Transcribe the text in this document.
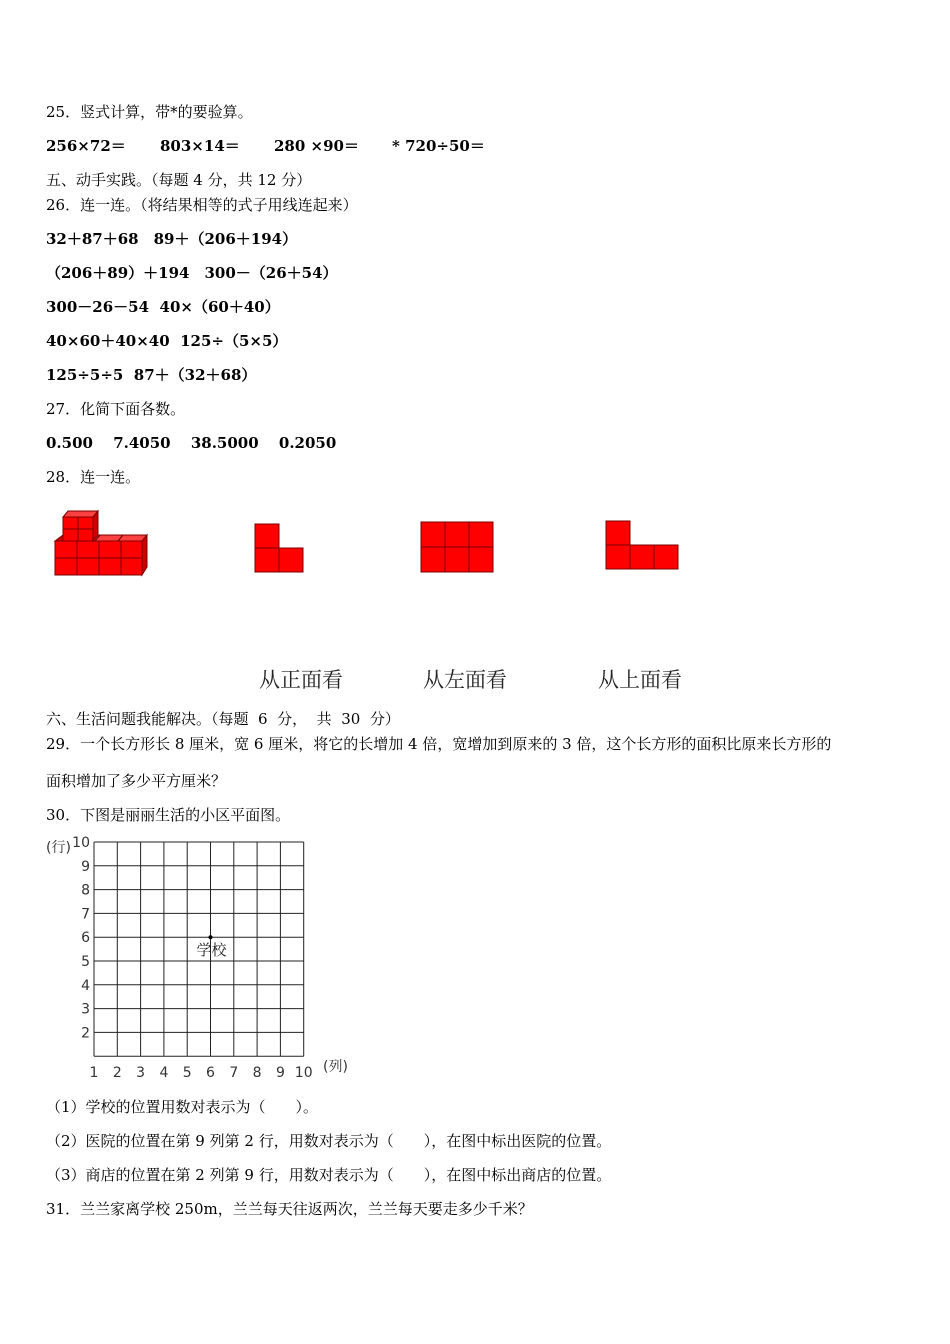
25．竖式计算，带*的要验算。

256×72＝

803×14＝

280 ×90＝

* 720÷50＝

五、动手实践。（每题 4 分，共 12 分）
26．连一连。（将结果相等的式子用线连起来）
32＋87＋68　89＋（206＋194）
（206＋89）＋194　300－（26＋54）
300－26－54  40×（60＋40）
40×60＋40×40  125÷（5×5）
125÷5÷5  87＋（32＋68）
27．化简下面各数。
0.500　 7.4050　 38.5000　 0.2050
28．连一连。
从正面看	从左面看	从上面看
六、生活问题我能解决。（每题  6  分，  共  30  分）
29．一个长方形长 8 厘米，宽 6 厘米，将它的长增加 4 倍，宽增加到原来的 3 倍，这个长方形的面积比原来长方形的
面积增加了多少平方厘米？
30．下图是丽丽生活的小区平面图。
10
9
8
7
6
5
4
3
2
1 2 3 4 5 6 7 8 9 10
(行)
(列)
学校
（1）学校的位置用数对表示为（　　）。
（2）医院的位置在第 9 列第 2 行，用数对表示为（　　），在图中标出医院的位置。
（3）商店的位置在第 2 列第 9 行，用数对表示为（　　），在图中标出商店的位置。
31．兰兰家离学校 250m，兰兰每天往返两次，兰兰每天要走多少千米？
